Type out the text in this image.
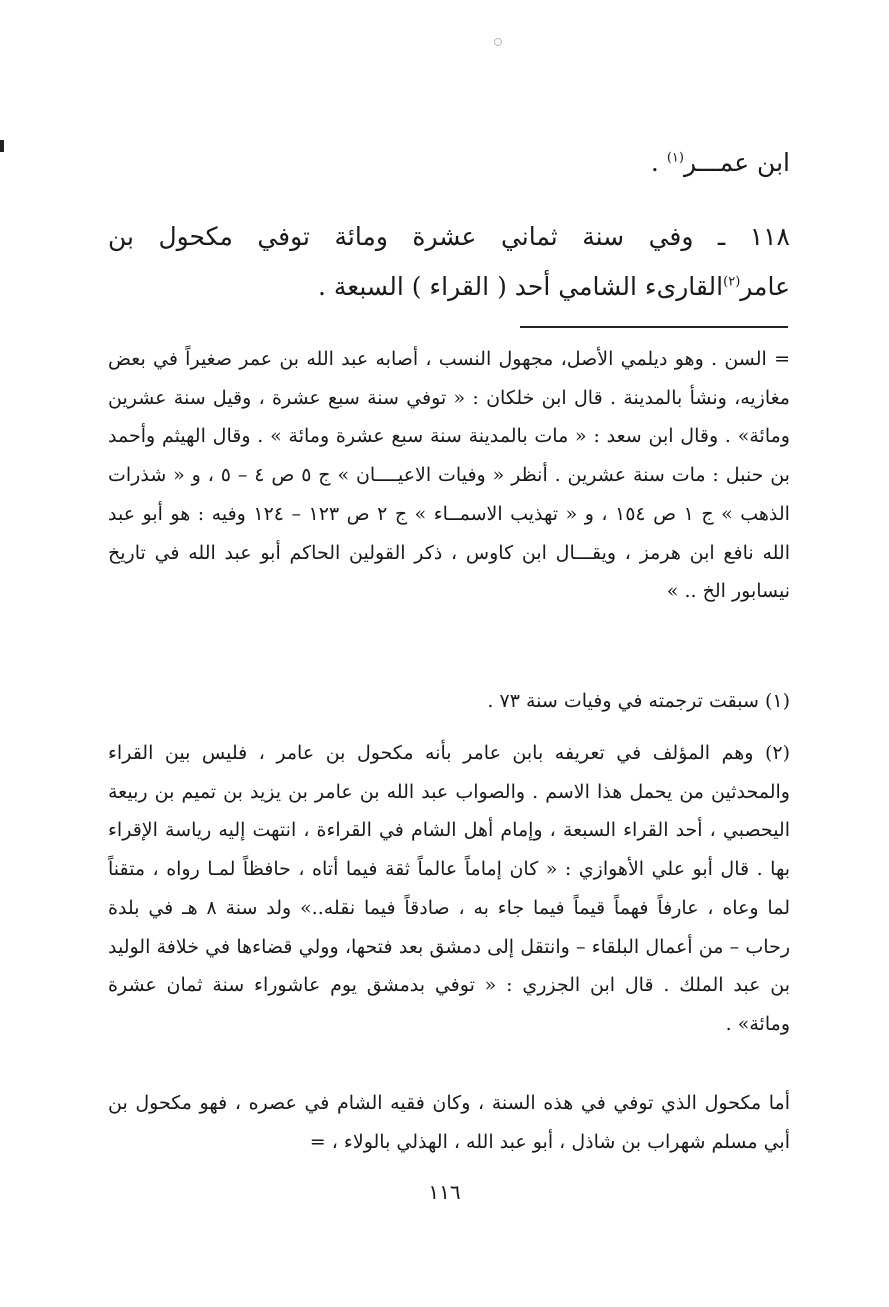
ابن عمـــر$^{(١)}$ .
١١٨ ـ وفي سنة ثماني عشرة ومائة توفي مكحول بن عامر$^{(٢)}$القارىء الشامي أحد ( القراء ) السبعة .
= السن . وهو ديلمي الأصل، مجهول النسب ، أصابه عبد الله بن عمر صغيراً في بعض مغازيه، ونشأ بالمدينة . قال ابن خلكان : « توفي سنة سبع عشرة ، وقيل سنة عشرين ومائة» . وقال ابن سعد : « مات بالمدينة سنة سبع عشرة ومائة » . وقال الهيثم وأحمد بن حنبل : مات سنة عشرين . أنظر « وفيات الاعيــــان » ج ٥ ص ٤ – ٥ ، و « شذرات الذهب » ج ١ ص ١٥٤ ، و « تهذيب الاسمــاء » ج ٢ ص ١٢٣ – ١٢٤ وفيه : هو أبو عبد الله نافع ابن هرمز ، ويقـــال ابن كاوس ، ذكر القولين الحاكم أبو عبد الله في تاريخ نيسابور الخ .. »
(١) سبقت ترجمته في وفيات سنة ٧٣ .
(٢) وهم المؤلف في تعريفه بابن عامر بأنه مكحول بن عامر ، فليس بين القراء والمحدثين من يحمل هذا الاسم . والصواب عبد الله بن عامر بن يزيد بن تميم بن ربيعة اليحصبي ، أحد القراء السبعة ، وإمام أهل الشام في القراءة ، انتهت إليه رياسة الإقراء بها . قال أبو علي الأهوازي : « كان إماماً عالماً ثقة فيما أتاه ، حافظاً لمـا رواه ، متقناً لما وعاه ، عارفاً فهماً قيماً فيما جاء به ، صادقاً فيما نقله..» ولد سنة ٨ هـ في بلدة رحاب – من أعمال البلقاء – وانتقل إلى دمشق بعد فتحها، وولي قضاءها في خلافة الوليد بن عبد الملك . قال ابن الجزري : « توفي بدمشق يوم عاشوراء سنة ثمان عشرة ومائة» .
أما مكحول الذي توفي في هذه السنة ، وكان فقيه الشام في عصره ، فهو مكحول بن أبي مسلم شهراب بن شاذل ، أبو عبد الله ، الهذلي بالولاء ، =
١١٦
